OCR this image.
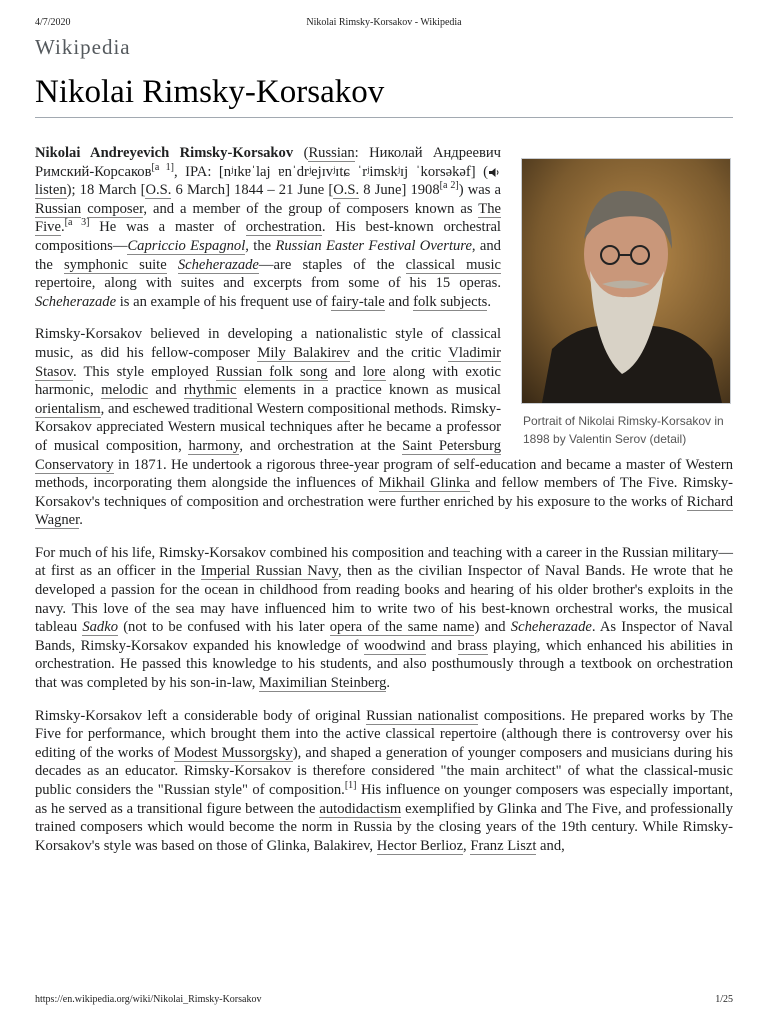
4/7/2020	Nikolai Rimsky-Korsakov - Wikipedia
Wikipedia
Nikolai Rimsky-Korsakov
Portrait of Nikolai Rimsky-Korsakov in 1898 by Valentin Serov (detail)

Nikolai Andreyevich Rimsky-Korsakov (Russian: Николай Андреевич Римский-Корсаков[a 1], IPA: [nʲɪkɐˈlaj ɐnˈdrʲejɪvʲɪtɕ ˈrʲimskʲɪj ˈkorsəkəf] (listen); 18 March [O.S. 6 March] 1844 – 21 June [O.S. 8 June] 1908[a 2]) was a Russian composer, and a member of the group of composers known as The Five.[a 3] He was a master of orchestration. His best-known orchestral compositions—Capriccio Espagnol, the Russian Easter Festival Overture, and the symphonic suite Scheherazade—are staples of the classical music repertoire, along with suites and excerpts from some of his 15 operas. Scheherazade is an example of his frequent use of fairy-tale and folk subjects.

Rimsky-Korsakov believed in developing a nationalistic style of classical music, as did his fellow-composer Mily Balakirev and the critic Vladimir Stasov. This style employed Russian folk song and lore along with exotic harmonic, melodic and rhythmic elements in a practice known as musical orientalism, and eschewed traditional Western compositional methods. Rimsky-Korsakov appreciated Western musical techniques after he became a professor of musical composition, harmony, and orchestration at the Saint Petersburg Conservatory in 1871. He undertook a rigorous three-year program of self-education and became a master of Western methods, incorporating them alongside the influences of Mikhail Glinka and fellow members of The Five. Rimsky-Korsakov's techniques of composition and orchestration were further enriched by his exposure to the works of Richard Wagner.

For much of his life, Rimsky-Korsakov combined his composition and teaching with a career in the Russian military—at first as an officer in the Imperial Russian Navy, then as the civilian Inspector of Naval Bands. He wrote that he developed a passion for the ocean in childhood from reading books and hearing of his older brother's exploits in the navy. This love of the sea may have influenced him to write two of his best-known orchestral works, the musical tableau Sadko (not to be confused with his later opera of the same name) and Scheherazade. As Inspector of Naval Bands, Rimsky-Korsakov expanded his knowledge of woodwind and brass playing, which enhanced his abilities in orchestration. He passed this knowledge to his students, and also posthumously through a textbook on orchestration that was completed by his son-in-law, Maximilian Steinberg.

Rimsky-Korsakov left a considerable body of original Russian nationalist compositions. He prepared works by The Five for performance, which brought them into the active classical repertoire (although there is controversy over his editing of the works of Modest Mussorgsky), and shaped a generation of younger composers and musicians during his decades as an educator. Rimsky-Korsakov is therefore considered "the main architect" of what the classical-music public considers the "Russian style" of composition.[1] His influence on younger composers was especially important, as he served as a transitional figure between the autodidactism exemplified by Glinka and The Five, and professionally trained composers which would become the norm in Russia by the closing years of the 19th century. While Rimsky-Korsakov's style was based on those of Glinka, Balakirev, Hector Berlioz, Franz Liszt and,

https://en.wikipedia.org/wiki/Nikolai_Rimsky-Korsakov	1/25
